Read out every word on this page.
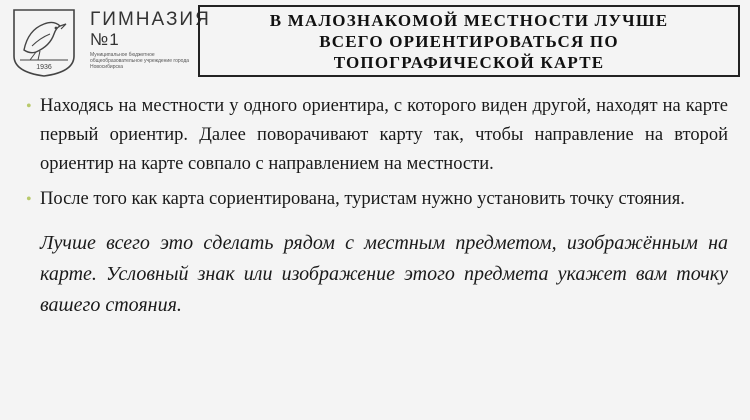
1936
ГИМНАЗИЯ
№1
Муниципальное бюджетное общеобразовательное учреждение города Новосибирска
В МАЛОЗНАКОМОЙ МЕСТНОСТИ ЛУЧШЕ
ВСЕГО ОРИЕНТИРОВАТЬСЯ ПО
ТОПОГРАФИЧЕСКОЙ КАРТЕ
• Находясь на местности у одного ориентира, с которого виден другой, находят на карте первый ориентир. Далее поворачивают карту так, чтобы направление на второй ориентир на карте совпало с направлением на местности.
• После того как карта сориентирована, туристам нужно установить точку стояния.
Лучше всего это сделать рядом с местным предметом, изображённым на карте. Условный знак или изображение этого предмета укажет вам точку вашего стояния.
